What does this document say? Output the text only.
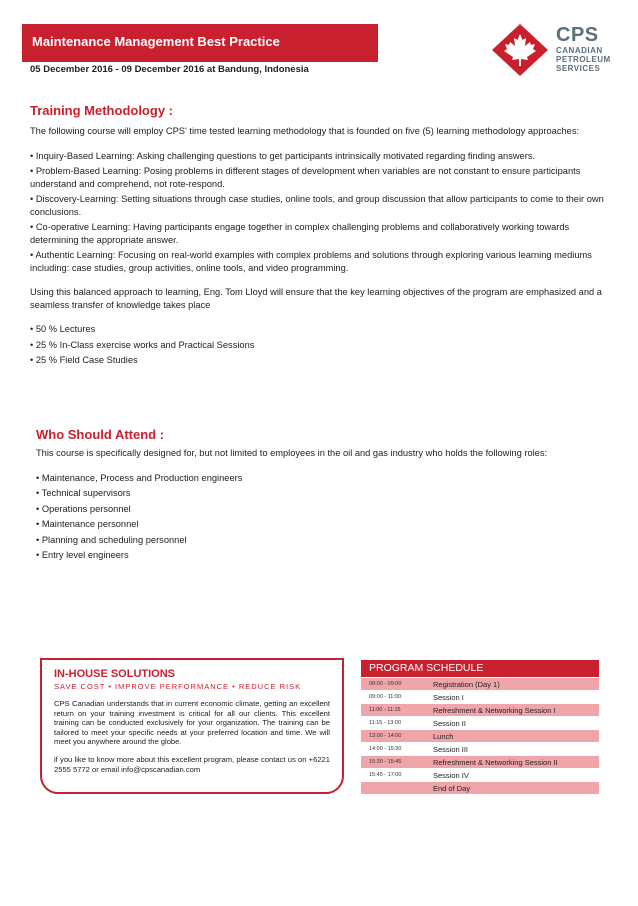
Maintenance Management Best Practice
05 December 2016 - 09 December 2016 at Bandung, Indonesia
CPS
CANADIAN
PETROLEUM
SERVICES
Training Methodology :

The following course will employ CPS' time tested learning methodology that is founded on five (5) learning methodology approaches:

• Inquiry-Based Learning: Asking challenging questions to get participants intrinsically motivated regarding finding answers.

• Problem-Based Learning: Posing problems in different stages of development when variables are not constant to ensure participants understand and comprehend, not rote-respond.

• Discovery-Learning: Setting situations through case studies, online tools, and group discussion that allow participants to come to their own conclusions.

• Co-operative Learning: Having participants engage together in complex challenging problems and collaboratively working towards determining the appropriate answer.

• Authentic Learning: Focusing on real-world examples with complex problems and solutions through exploring various learning mediums including: case studies, group activities, online tools, and video programming.

Using this balanced approach to learning, Eng. Tom Lloyd will ensure that the key learning objectives of the program are emphasized and a seamless transfer of knowledge takes place

• 50 % Lectures

• 25 % In-Class exercise works and Practical Sessions

• 25 % Field Case Studies

Who Should Attend :

This course is specifically designed for, but not limited to employees in the oil and gas industry who holds the following roles:

• Maintenance, Process and Production engineers

• Technical supervisors

• Operations personnel

• Maintenance personnel

• Planning and scheduling personnel

• Entry level engineers

IN-HOUSE SOLUTIONS
SAVE COST • IMPROVE PERFORMANCE • REDUCE RISK
CPS Canadian understands that in current economic climate, getting an excellent return on your training investment is critical for all our clients. This excellent training can be conducted exclusively for your organization. The training can be tailored to meet your specific needs at your preferred location and time. We will meet you anywhere around the globe.
if you like to know more about this excellent program, please contact us on +6221 2555 5772 or email info@cpscanadian.com
PROGRAM SCHEDULE
08:00 - 09:00	Registration (Day 1)
09:00 - 11:00	Session I
11:00 - 11:15	Refreshment & Networking Session I
11:15 - 13:00	Session II
13:00 - 14:00	Lunch
14:00 - 15:30	Session III
15:30 - 15:45	Refreshment & Networking Session II
15:45 - 17:00	Session IV
End of Day
